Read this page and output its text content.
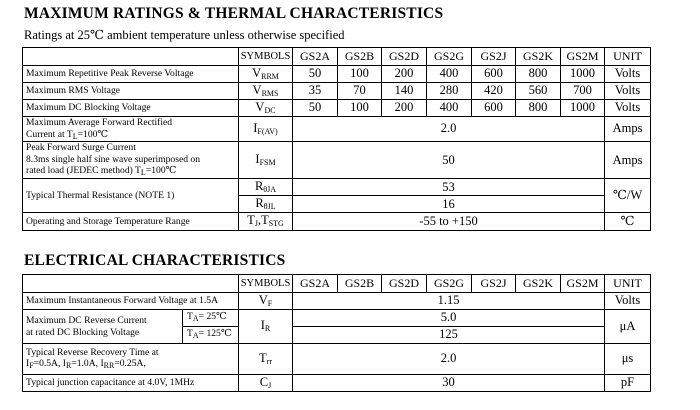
MAXIMUM RATINGS & THERMAL CHARACTERISTICS
Ratings at 25℃ ambient temperature unless otherwise specified
	SYMBOLS	GS2A	GS2B	GS2D	GS2G	GS2J	GS2K	GS2M	UNIT
Maximum Repetitive Peak Reverse Voltage	$V_{RRM}$	50	100	200	400	600	800	1000	Volts
Maximum RMS Voltage	$V_{RMS}$	35	70	140	280	420	560	700	Volts
Maximum DC Blocking Voltage	$V_{DC}$	50	100	200	400	600	800	1000	Volts

Maximum Average Forward Rectified
Current at $T_L=100℃$	$I_{F(AV)}$	2.0							Amps

Peak Forward Surge Current
8.3ms single half sine wave superimposed on
rated load (JEDEC method) $T_L=100℃$	$I_{FSM}$	50							Amps
Typical Thermal Resistance (NOTE 1)	$R_{\theta JA}$	53							℃/W
	$R_{\theta JL}$	16							
Operating and Storage Temperature Range	$T_J,T_{STG}$	-55 to +150							℃
ELECTRICAL CHARACTERISTICS
		SYMBOLS	GS2A	GS2B	GS2D	GS2G	GS2J	GS2K	GS2M	UNIT
Maximum Instantaneous Forward Voltage at 1.5A		$V_F$	1.15							Volts

Maximum DC Reverse Current
at rated DC Blocking Voltage	$T_A=$ 25℃	$I_R$	5.0							μA
	$T_A=$ 125℃		125							

Typical Reverse Recovery Time at
$I_F=0.5A$, $I_R=1.0A$, $I_{RR}=0.25A$,		$T_{rr}$	2.0							μs
Typical junction capacitance at 4.0V, 1MHz		$C_J$	30							pF
